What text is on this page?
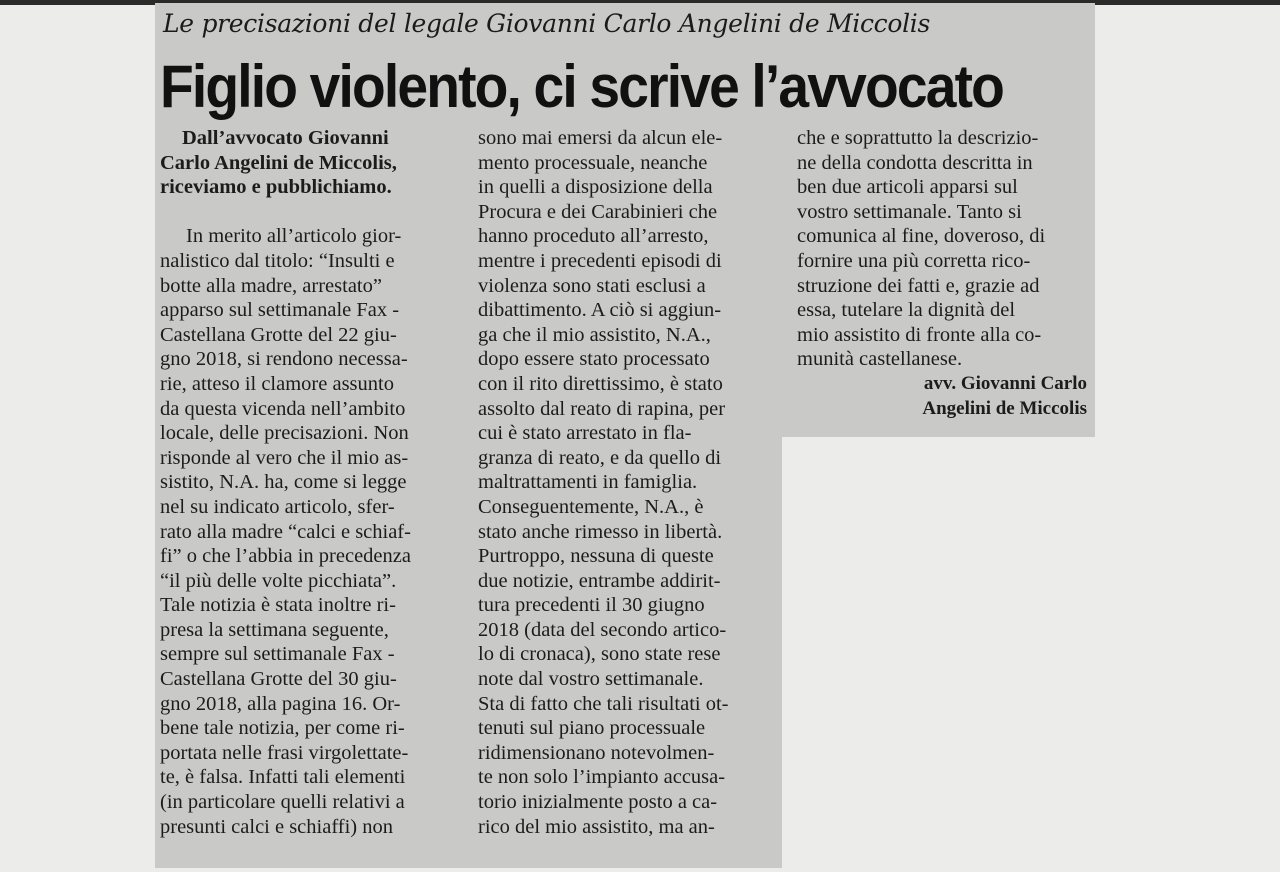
Le precisazioni del legale Giovanni Carlo Angelini de Miccolis
Figlio violento, ci scrive l’avvocato

Dall’avvocato Giovanni

Carlo Angelini de Miccolis,

riceviamo e pubblichiamo.

In merito all’articolo gior-

nalistico dal titolo: “Insulti e

botte alla madre, arrestato”

apparso sul settimanale Fax -

Castellana Grotte del 22 giu-

gno 2018, si rendono necessa-

rie, atteso il clamore assunto

da questa vicenda nell’ambito

locale, delle precisazioni. Non

risponde al vero che il mio as-

sistito, N.A. ha, come si legge

nel su indicato articolo, sfer-

rato alla madre “calci e schiaf-

fi” o che l’abbia in precedenza

“il più delle volte picchiata”.

Tale notizia è stata inoltre ri-

presa la settimana seguente,

sempre sul settimanale Fax -

Castellana Grotte del 30 giu-

gno 2018, alla pagina 16. Or-

bene tale notizia, per come ri-

portata nelle frasi virgolettate-

te, è falsa. Infatti tali elementi

(in particolare quelli relativi a

presunti calci e schiaffi) non

sono mai emersi da alcun ele-

mento processuale, neanche

in quelli a disposizione della

Procura e dei Carabinieri che

hanno proceduto all’arresto,

mentre i precedenti episodi di

violenza sono stati esclusi a

dibattimento. A ciò si aggiun-

ga che il mio assistito, N.A.,

dopo essere stato processato

con il rito direttissimo, è stato

assolto dal reato di rapina, per

cui è stato arrestato in fla-

granza di reato, e da quello di

maltrattamenti in famiglia.

Conseguentemente, N.A., è

stato anche rimesso in libertà.

Purtroppo, nessuna di queste

due notizie, entrambe addirit-

tura precedenti il 30 giugno

2018 (data del secondo artico-

lo di cronaca), sono state rese

note dal vostro settimanale.

Sta di fatto che tali risultati ot-

tenuti sul piano processuale

ridimensionano notevolmen-

te non solo l’impianto accusa-

torio inizialmente posto a ca-

rico del mio assistito, ma an-

che e soprattutto la descrizio-

ne della condotta descritta in

ben due articoli apparsi sul

vostro settimanale. Tanto si

comunica al fine, doveroso, di

fornire una più corretta rico-

struzione dei fatti e, grazie ad

essa, tutelare la dignità del

mio assistito di fronte alla co-

munità castellanese.

avv. Giovanni Carlo

Angelini de Miccolis
